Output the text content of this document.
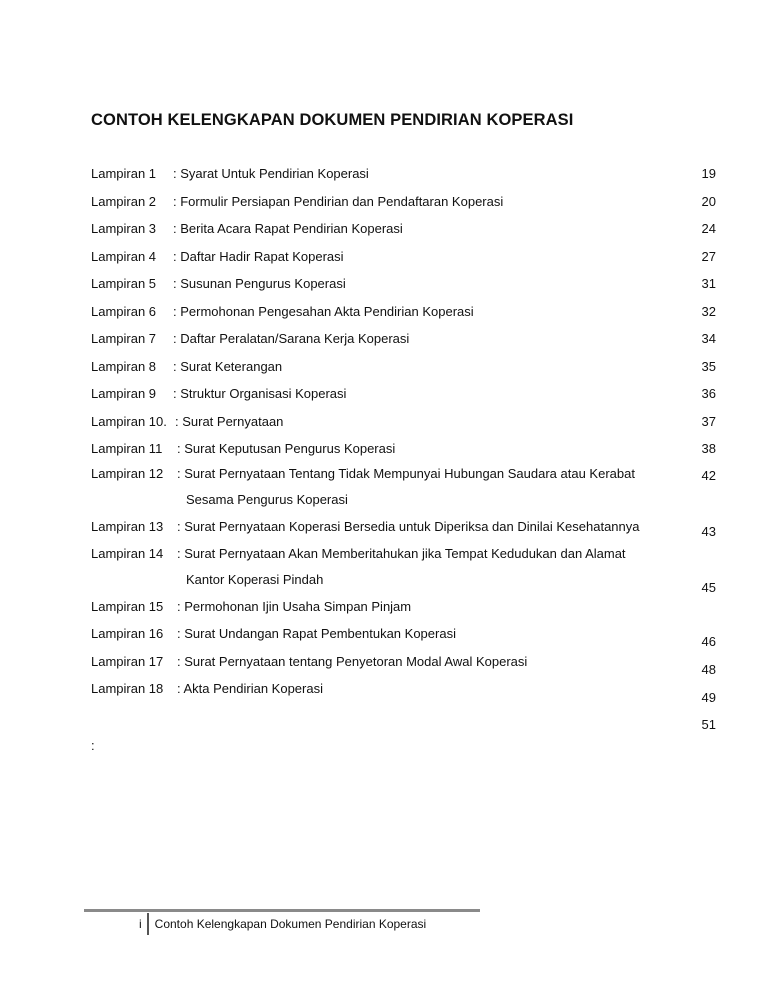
CONTOH KELENGKAPAN DOKUMEN PENDIRIAN KOPERASI
Lampiran 1 : Syarat Untuk Pendirian Koperasi
Lampiran 2 : Formulir Persiapan Pendirian dan Pendaftaran Koperasi
Lampiran 3 : Berita Acara Rapat Pendirian Koperasi
Lampiran 4 : Daftar Hadir Rapat Koperasi
Lampiran 5 : Susunan Pengurus Koperasi
Lampiran 6 : Permohonan Pengesahan Akta Pendirian Koperasi
Lampiran 7 : Daftar Peralatan/Sarana Kerja Koperasi
Lampiran 8 : Surat Keterangan
Lampiran 9 : Struktur Organisasi Koperasi
Lampiran 10. : Surat Pernyataan
Lampiran 11 : Surat Keputusan Pengurus Koperasi
Lampiran 12 : Surat Pernyataan Tentang Tidak Mempunyai Hubungan Saudara atau Kerabat
Sesama Pengurus Koperasi
Lampiran 13 : Surat Pernyataan Koperasi Bersedia untuk Diperiksa dan Dinilai Kesehatannya
Lampiran 14 : Surat Pernyataan Akan Memberitahukan jika Tempat Kedudukan dan Alamat
Kantor Koperasi Pindah
Lampiran 15 : Permohonan Ijin Usaha Simpan Pinjam
Lampiran 16 : Surat Undangan Rapat Pembentukan Koperasi
Lampiran 17 : Surat Pernyataan tentang Penyetoran Modal Awal Koperasi
Lampiran 18 : Akta Pendirian Koperasi
19
20
24
27
31
32
34
35
36
37
38
42
43
45
46
48
49
51
:
i Contoh Kelengkapan Dokumen Pendirian Koperasi
